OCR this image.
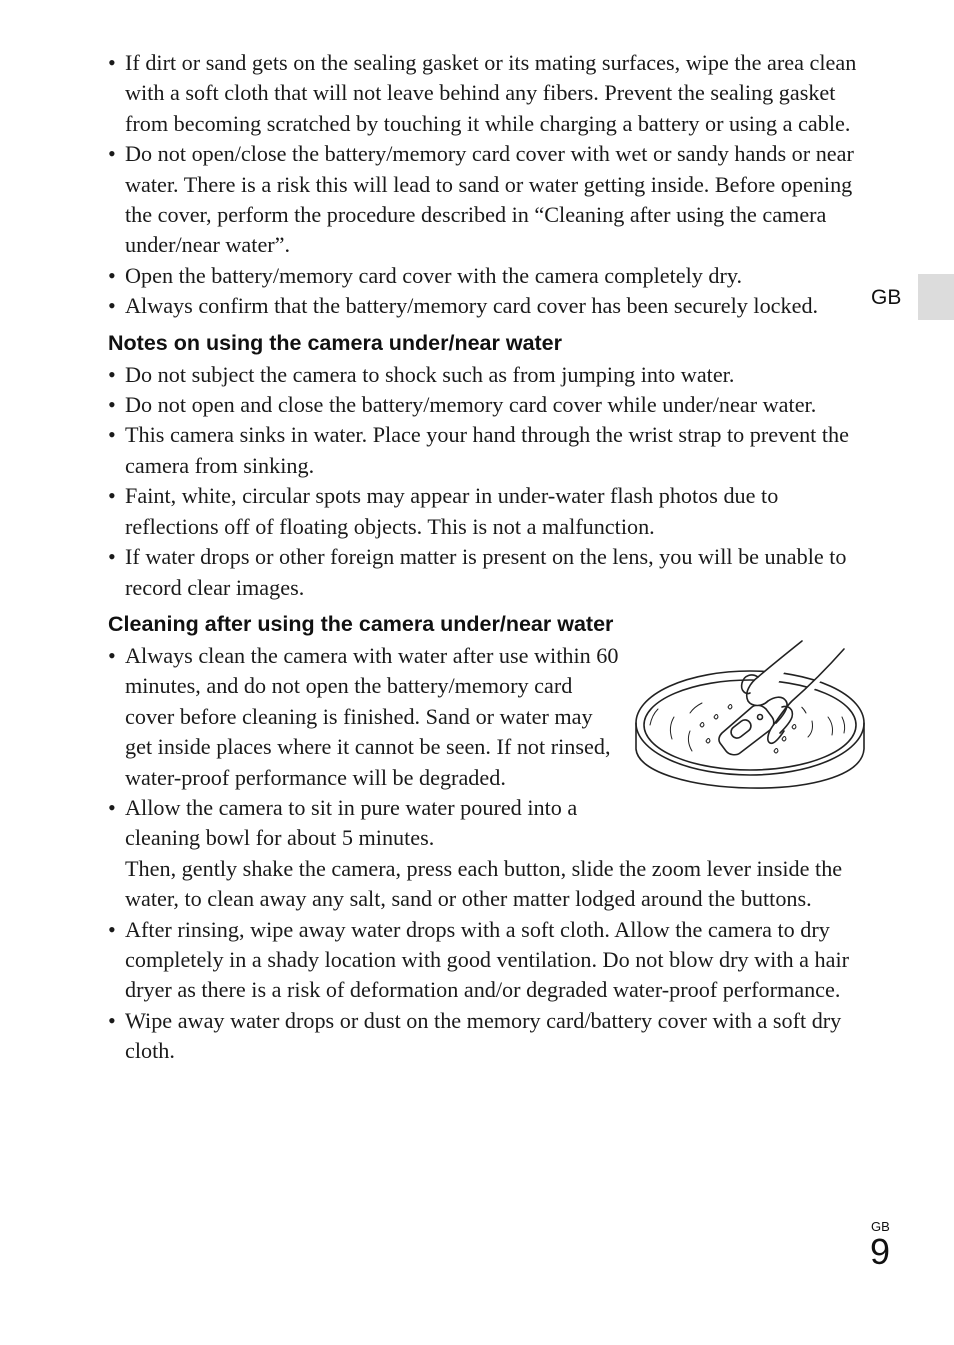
GB
• If dirt or sand gets on the sealing gasket or its mating surfaces, wipe the area clean with a soft cloth that will not leave behind any fibers. Prevent the sealing gasket from becoming scratched by touching it while charging a battery or using a cable.
• Do not open/close the battery/memory card cover with wet or sandy hands or near water. There is a risk this will lead to sand or water getting inside. Before opening the cover, perform the procedure described in “Cleaning after using the camera under/near water”.
• Open the battery/memory card cover with the camera completely dry.
• Always confirm that the battery/memory card cover has been securely locked.
Notes on using the camera under/near water
• Do not subject the camera to shock such as from jumping into water.
• Do not open and close the battery/memory card cover while under/near water.
• This camera sinks in water. Place your hand through the wrist strap to prevent the camera from sinking.
• Faint, white, circular spots may appear in under-water flash photos due to reflections off of floating objects. This is not a malfunction.
• If water drops or other foreign matter is present on the lens, you will be unable to record clear images.
Cleaning after using the camera under/near water
• Always clean the camera with water after use within 60 minutes, and do not open the battery/memory card cover before cleaning is finished. Sand or water may get inside places where it cannot be seen. If not rinsed, water-proof performance will be degraded.
• Allow the camera to sit in pure water poured into a cleaning bowl for about 5 minutes.
Then, gently shake the camera, press each button, slide the zoom lever inside the water, to clean away any salt, sand or other matter lodged around the buttons.
• After rinsing, wipe away water drops with a soft cloth. Allow the camera to dry completely in a shady location with good ventilation. Do not blow dry with a hair dryer as there is a risk of deformation and/or degraded water-proof performance.
• Wipe away water drops or dust on the memory card/battery cover with a soft dry cloth.
GB
9
